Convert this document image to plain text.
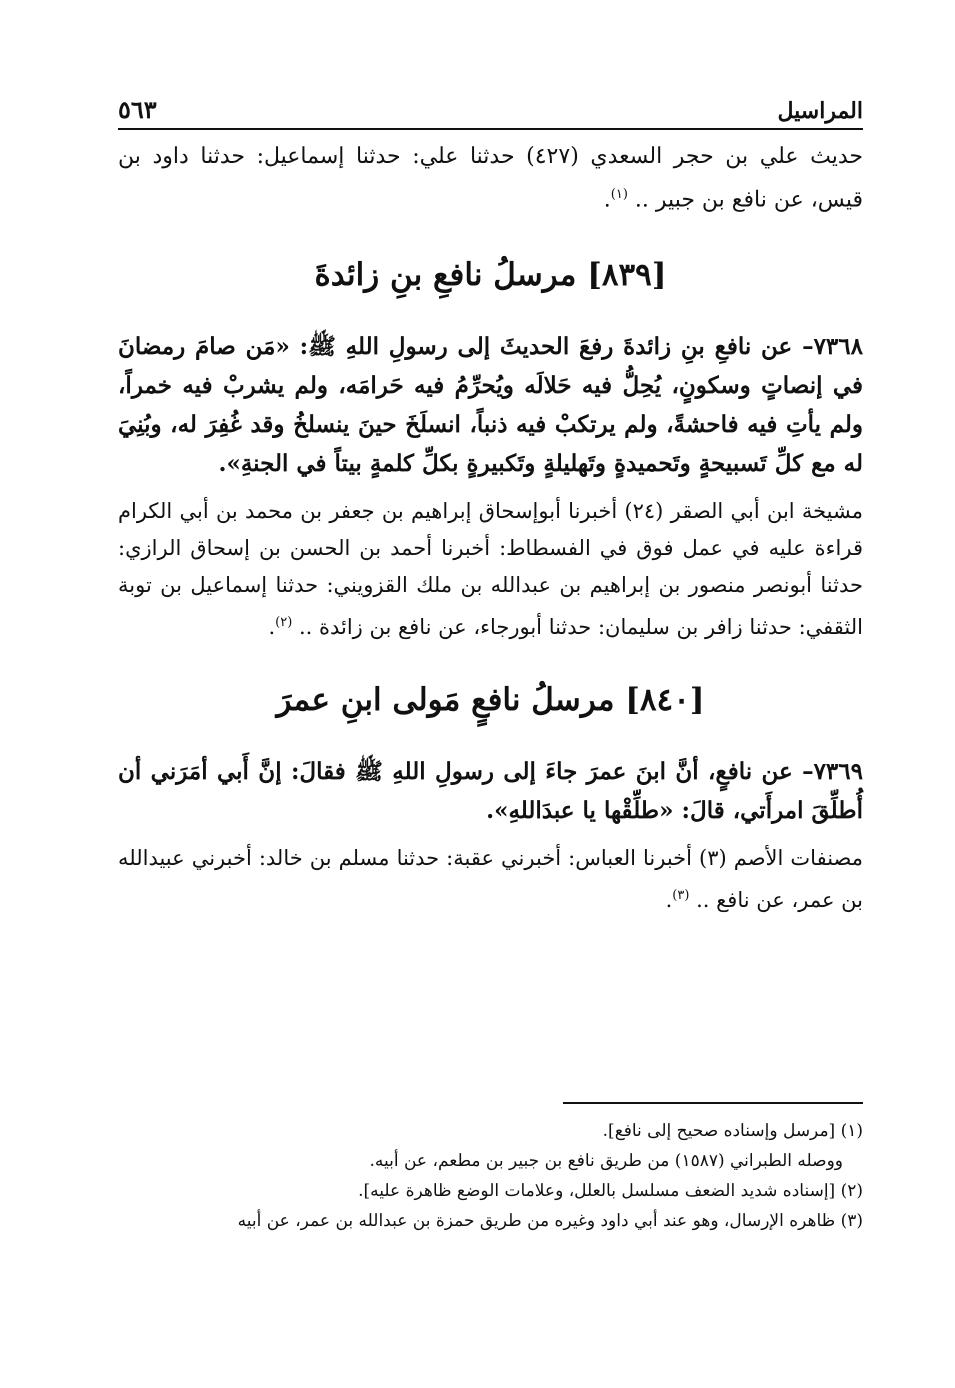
المراسيل
٥٦٣

حديث علي بن حجر السعدي (٤٢٧) حدثنا علي: حدثنا إسماعيل: حدثنا داود بن قيس، عن نافع بن جبير .. $^{(١)}$.

[٨٣٩] مرسلُ نافعِ بنِ زائدةَ

٧٣٦٨– عن نافعِ بنِ زائدةَ رفعَ الحديثَ إلى رسولِ اللهِ ﷺ: «مَن صامَ رمضانَ في إنصاتٍ وسكونٍ، يُحِلُّ فيه حَلالَه ويُحرِّمُ فيه حَرامَه، ولم يشربْ فيه خمراً، ولم يأتِ فيه فاحشةً، ولم يرتكبْ فيه ذنباً، انسلَخَ حينَ ينسلخُ وقد غُفِرَ له، وبُنِيَ له مع كلِّ تَسبيحةٍ وتَحميدةٍ وتَهليلةٍ وتَكبيرةٍ بكلِّ كلمةٍ بيتاً في الجنةِ».

مشيخة ابن أبي الصقر (٢٤) أخبرنا أبوإسحاق إبراهيم بن جعفر بن محمد بن أبي الكرام قراءة عليه في عمل فوق في الفسطاط: أخبرنا أحمد بن الحسن بن إسحاق الرازي: حدثنا أبونصر منصور بن إبراهيم بن عبدالله بن ملك القزويني: حدثنا إسماعيل بن توبة الثقفي: حدثنا زافر بن سليمان: حدثنا أبورجاء، عن نافع بن زائدة .. $^{(٢)}$.

[٨٤٠] مرسلُ نافعٍ مَولى ابنِ عمرَ

٧٣٦٩– عن نافعٍ، أنَّ ابنَ عمرَ جاءَ إلى رسولِ اللهِ ﷺ فقالَ: إنَّ أَبي أمَرَني أن أُطلِّقَ امرأَتي، قالَ: «طلِّقْها يا عبدَاللهِ».

مصنفات الأصم (٣) أخبرنا العباس: أخبرني عقبة: حدثنا مسلم بن خالد: أخبرني عبيدالله بن عمر، عن نافع .. $^{(٣)}$.

(١) [مرسل وإسناده صحيح إلى نافع].

ووصله الطبراني (١٥٨٧) من طريق نافع بن جبير بن مطعم، عن أبيه.

(٢) [إسناده شديد الضعف مسلسل بالعلل، وعلامات الوضع ظاهرة عليه].

(٣) ظاهره الإرسال، وهو عند أبي داود وغيره من طريق حمزة بن عبدالله بن عمر، عن أبيه
